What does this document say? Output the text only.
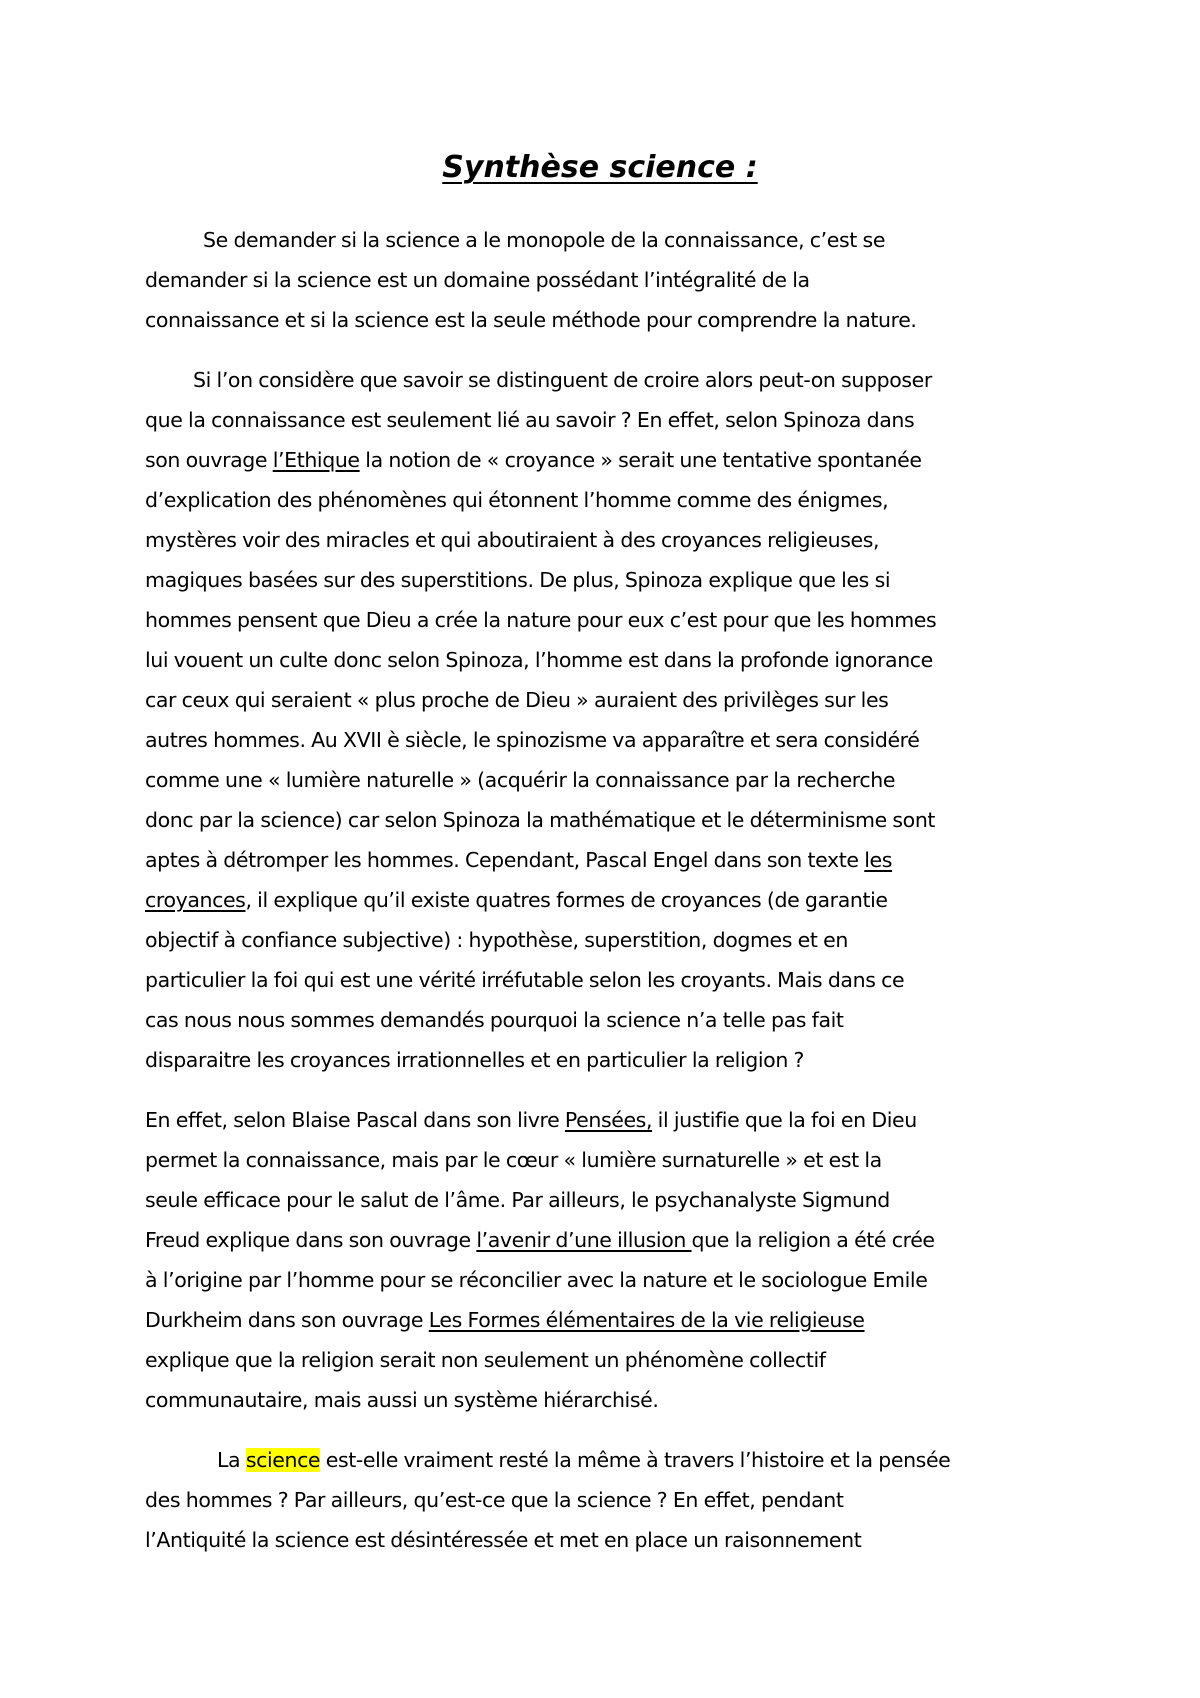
Synthèse science :
Se demander si la science a le monopole de la connaissance, c’est se
demander si la science est un domaine possédant l’intégralité de la
connaissance et si la science est la seule méthode pour comprendre la nature.
Si l’on considère que savoir se distinguent de croire alors peut-on supposer
que la connaissance est seulement lié au savoir ? En effet, selon Spinoza dans
son ouvrage l’Ethique la notion de « croyance » serait une tentative spontanée
d’explication des phénomènes qui étonnent l’homme comme des énigmes,
mystères voir des miracles et qui aboutiraient à des croyances religieuses,
magiques basées sur des superstitions. De plus, Spinoza explique que les si
hommes pensent que Dieu a crée la nature pour eux c’est pour que les hommes
lui vouent un culte donc selon Spinoza, l’homme est dans la profonde ignorance
car ceux qui seraient « plus proche de Dieu » auraient des privilèges sur les
autres hommes. Au XVII è siècle, le spinozisme va apparaître et sera considéré
comme une « lumière naturelle » (acquérir la connaissance par la recherche
donc par la science) car selon Spinoza la mathématique et le déterminisme sont
aptes à détromper les hommes. Cependant, Pascal Engel dans son texte les
croyances, il explique qu’il existe quatres formes de croyances (de garantie
objectif à confiance subjective) : hypothèse, superstition, dogmes et en
particulier la foi qui est une vérité irréfutable selon les croyants. Mais dans ce
cas nous nous sommes demandés pourquoi la science n’a telle pas fait
disparaitre les croyances irrationnelles et en particulier la religion ?
En effet, selon Blaise Pascal dans son livre Pensées, il justifie que la foi en Dieu
permet la connaissance, mais par le cœur « lumière surnaturelle » et est la
seule efficace pour le salut de l’âme. Par ailleurs, le psychanalyste Sigmund
Freud explique dans son ouvrage l’avenir d’une illusion que la religion a été crée
à l’origine par l’homme pour se réconcilier avec la nature et le sociologue Emile
Durkheim dans son ouvrage Les Formes élémentaires de la vie religieuse
explique que la religion serait non seulement un phénomène collectif
communautaire, mais aussi un système hiérarchisé.
La science est-elle vraiment resté la même à travers l’histoire et la pensée
des hommes ? Par ailleurs, qu’est-ce que la science ? En effet, pendant
l’Antiquité la science est désintéressée et met en place un raisonnement
